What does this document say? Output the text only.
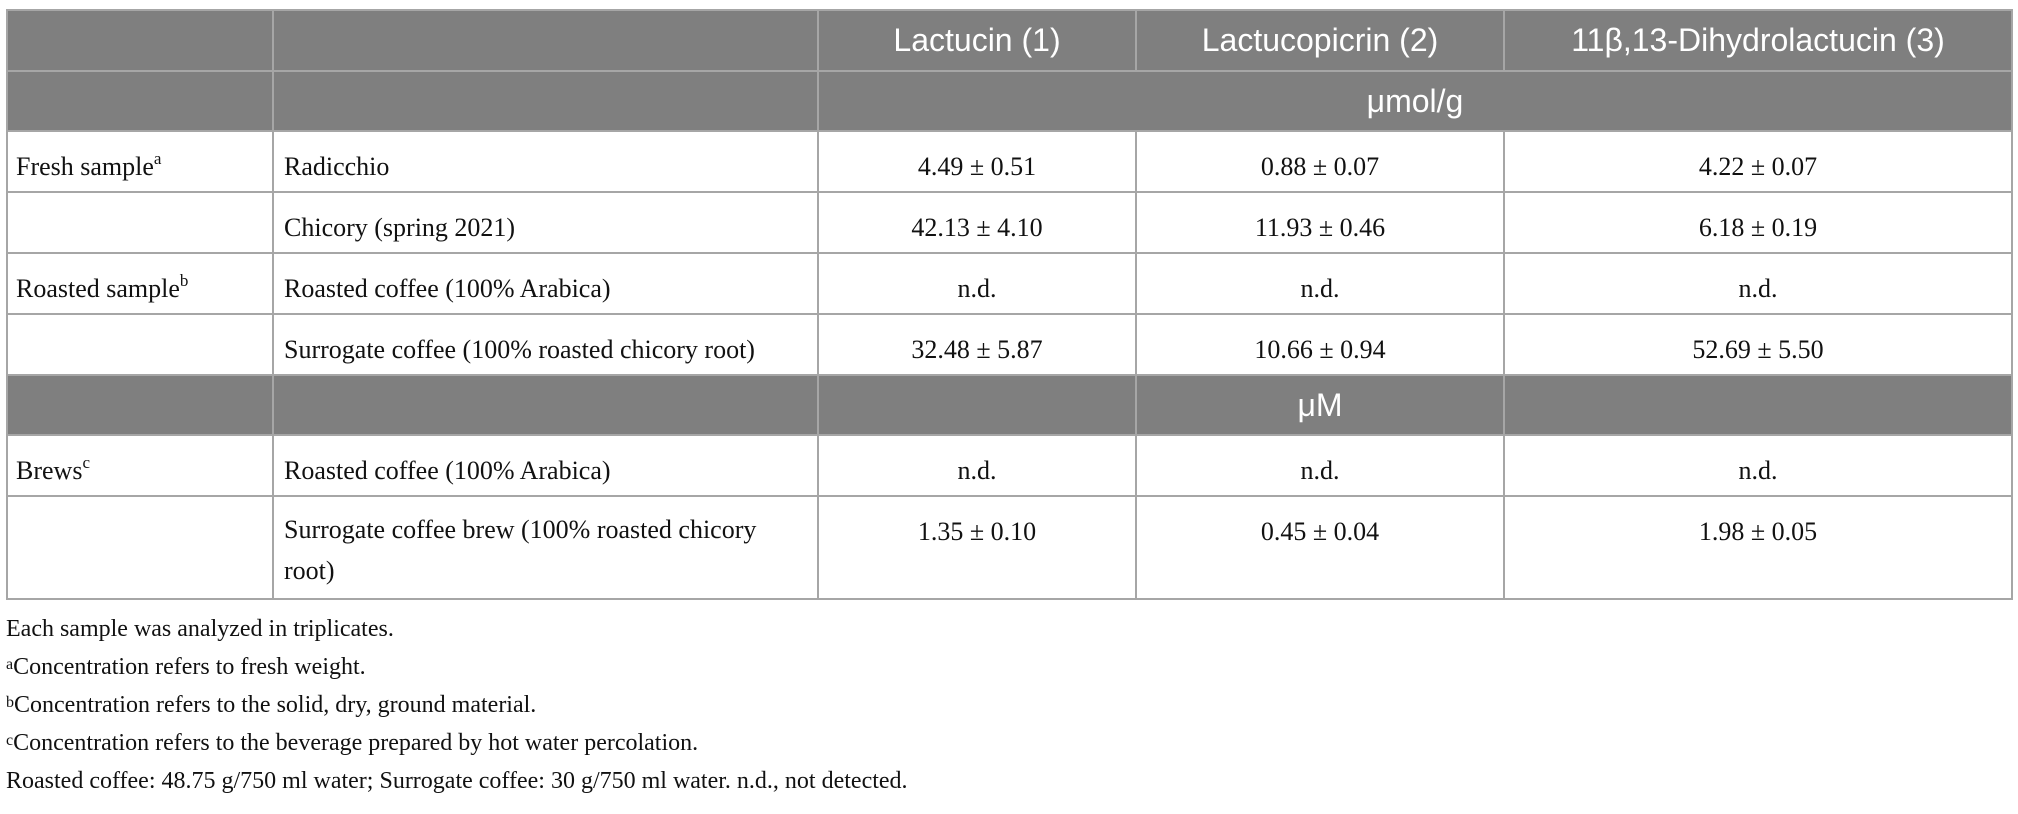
		Lactucin (1)	Lactucopicrin (2)	11β,13-Dihydrolactucin (3)
		μmol/g		
Fresh sample$^a$	Radicchio	4.49 ± 0.51	0.88 ± 0.07	4.22 ± 0.07
	Chicory (spring 2021)	42.13 ± 4.10	11.93 ± 0.46	6.18 ± 0.19
Roasted sample$^b$	Roasted coffee (100% Arabica)	n.d.	n.d.	n.d.
	Surrogate coffee (100% roasted chicory root)	32.48 ± 5.87	10.66 ± 0.94	52.69 ± 5.50
			μM	
Brews$^c$	Roasted coffee (100% Arabica)	n.d.	n.d.	n.d.
	Surrogate coffee brew (100% roasted chicory root)	1.35 ± 0.10	0.45 ± 0.04	1.98 ± 0.05
Each sample was analyzed in triplicates.
$^a$Concentration refers to fresh weight.
$^b$Concentration refers to the solid, dry, ground material.
$^c$Concentration refers to the beverage prepared by hot water percolation.
Roasted coffee: 48.75 g/750 ml water; Surrogate coffee: 30 g/750 ml water. n.d., not detected.
